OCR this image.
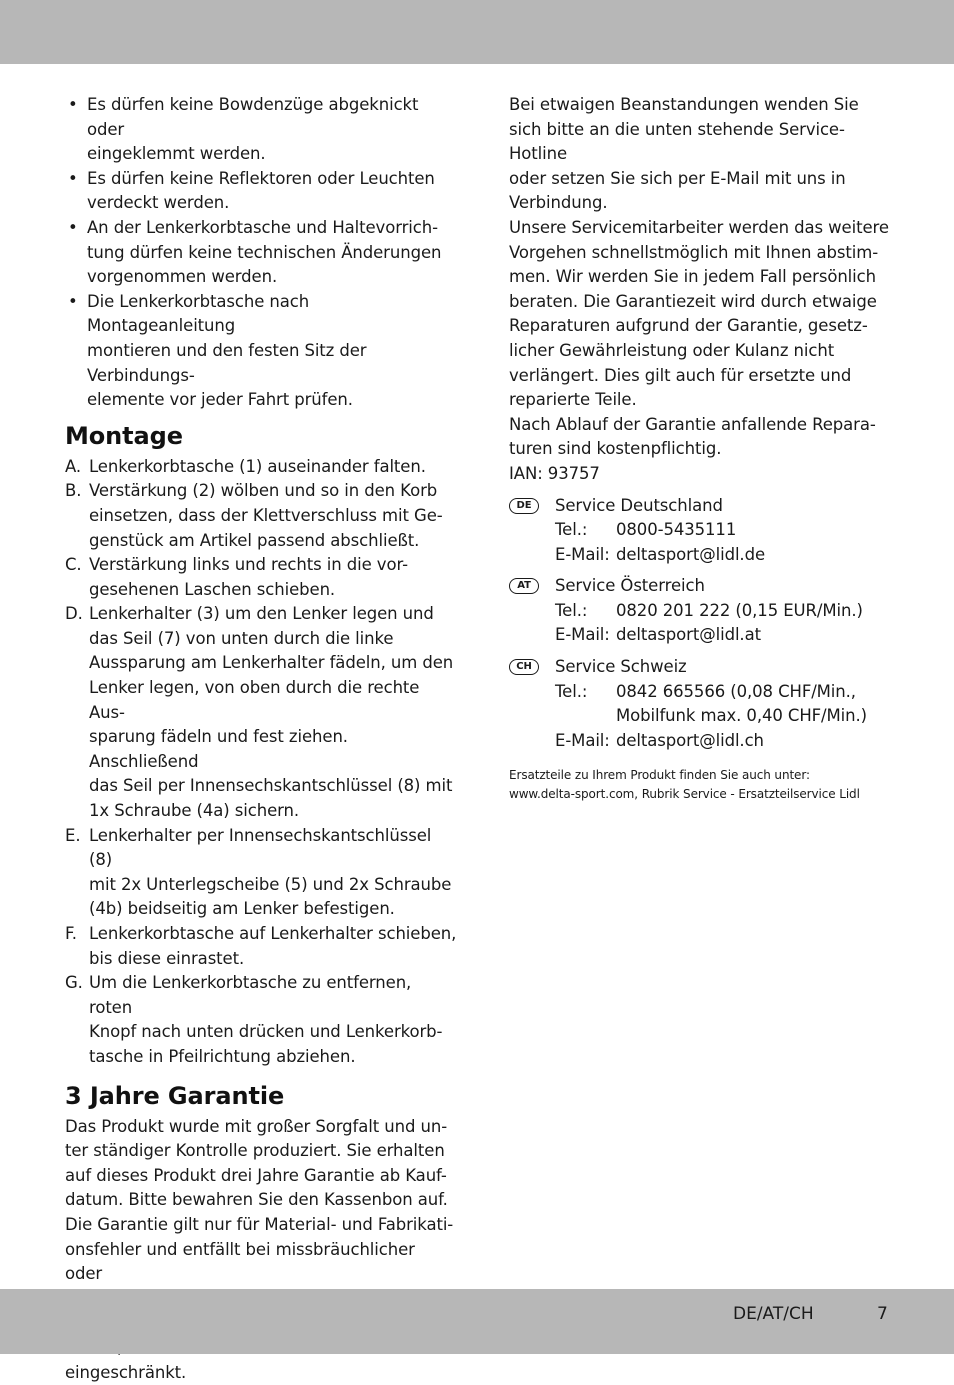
• Es dürfen keine Bowdenzüge abgeknickt oder
eingeklemmt werden.
• Es dürfen keine Reflektoren oder Leuchten
verdeckt werden.
• An der Lenkerkorbtasche und Haltevorrich-
tung dürfen keine technischen Änderungen
vorgenommen werden.
• Die Lenkerkorbtasche nach Montageanleitung
montieren und den festen Sitz der Verbindungs-
elemente vor jeder Fahrt prüfen.
Montage
A. Lenkerkorbtasche (1) auseinander falten.
B. Verstärkung (2) wölben und so in den Korb
einsetzen, dass der Klettverschluss mit Ge-
genstück am Artikel passend abschließt.
C. Verstärkung links und rechts in die vor-
gesehenen Laschen schieben.
D. Lenkerhalter (3) um den Lenker legen und
das Seil (7) von unten durch die linke
Aussparung am Lenkerhalter fädeln, um den
Lenker legen, von oben durch die rechte Aus-
sparung fädeln und fest ziehen. Anschließend
das Seil per Innensechskantschlüssel (8) mit
1x Schraube (4a) sichern.
E. Lenkerhalter per Innensechskantschlüssel (8)
mit 2x Unterlegscheibe (5) und 2x Schraube
(4b) beidseitig am Lenker befestigen.
F. Lenkerkorbtasche auf Lenkerhalter schieben,
bis diese einrastet.
G. Um die Lenkerkorbtasche zu entfernen, roten
Knopf nach unten drücken und Lenkerkorb-
tasche in Pfeilrichtung abziehen.
3 Jahre Garantie

Das Produkt wurde mit großer Sorgfalt und un-
ter ständiger Kontrolle produziert. Sie erhalten
auf dieses Produkt drei Jahre Garantie ab Kauf-
datum. Bitte bewahren Sie den Kassenbon auf.
Die Garantie gilt nur für Material- und Fabrikati-
onsfehler und entfällt bei missbräuchlicher oder

eingeschränkt.

Bei etwaigen Beanstandungen wenden Sie
sich bitte an die unten stehende Service-Hotline
oder setzen Sie sich per E-Mail mit uns in
Verbindung.
Unsere Servicemitarbeiter werden das weitere
Vorgehen schnellstmöglich mit Ihnen abstim-
men. Wir werden Sie in jedem Fall persönlich
beraten. Die Garantiezeit wird durch etwaige
Reparaturen aufgrund der Garantie, gesetz-
licher Gewährleistung oder Kulanz nicht
verlängert. Dies gilt auch für ersetzte und
reparierte Teile.
Nach Ablauf der Garantie anfallende Repara-
turen sind kostenpflichtig.

IAN: 93757

DE	Service Deutschland
Tel.: 0800-5435111
E-Mail: deltasport@lidl.de
AT	Service Österreich
Tel.: 0820 201 222 (0,15 EUR/Min.)
E-Mail: deltasport@lidl.at
CH	Service Schweiz
Tel.: 0842 665566 (0,08 CHF/Min.,
Mobilfunk max. 0,40 CHF/Min.)
E-Mail: deltasport@lidl.ch
Ersatzteile zu Ihrem Produkt finden Sie auch unter:
www.delta-sport.com, Rubrik Service - Ersatzteilservice Lidl
DE/AT/CH	7
